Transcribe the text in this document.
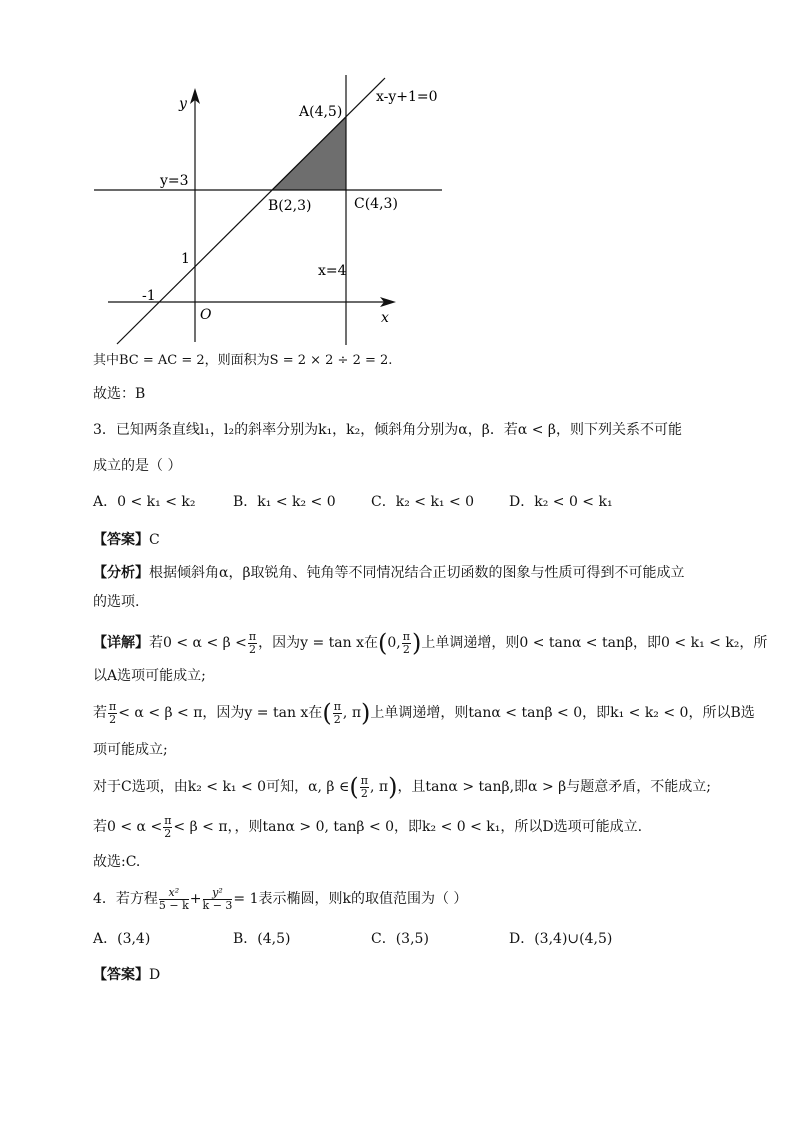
y
x
O
x-y+1=0
A(4,5)
B(2,3)	C(4,3)
y=3
x=4
1
-1
其中BC = AC = 2，则面积为S = 2 × 2 ÷ 2 = 2.
故选：B
3．已知两条直线l₁，l₂的斜率分别为k₁，k₂，倾斜角分别为α，β．若α < β，则下列关系不可能
成立的是（ ）
A．0 < k₁ < k₂	B．k₁ < k₂ < 0	C．k₂ < k₁ < 0 D．k₂ < 0 < k₁
【答案】C
【分析】根据倾斜角α，β取锐角、钝角等不同情况结合正切函数的图象与性质可得到不可能成立
的选项.
【详解】若$0 < \alpha < \beta < \frac{\pi}{2}$ ，因为y = tan x在(0, $\frac{\pi}{2}$ )上单调递增，则0 < tanα < tanβ，即0 < k₁ < k₂，所
以A选项可能成立;
若 $\frac{\pi}{2} < \alpha < \beta < \pi$，因为y = tan x在( $\frac{\pi}{2}$ , π)上单调递增，则tanα < tanβ < 0，即k₁ < k₂ < 0，所以B选
项可能成立;
对于C选项，由k₂ < k₁ < 0可知，α, β ∈( $\frac{\pi}{2}$ , π)，且tanα > tanβ,即α > β与题意矛盾，不能成立;
若$0 < \alpha < \frac{\pi}{2} < \beta < \pi$，，则tanα > 0, tanβ < 0，即k₂ < 0 < k₁，所以D选项可能成立.
故选:C.
4．若方程 $\frac{\text{x²}}{5 - k} + \frac{\text{y²}}{k - 3} = 1$表示椭圆，则k的取值范围为（ ）
A．(3,4)	B．(4,5)	C．(3,5)	D．(3,4)∪(4,5)
【答案】D
